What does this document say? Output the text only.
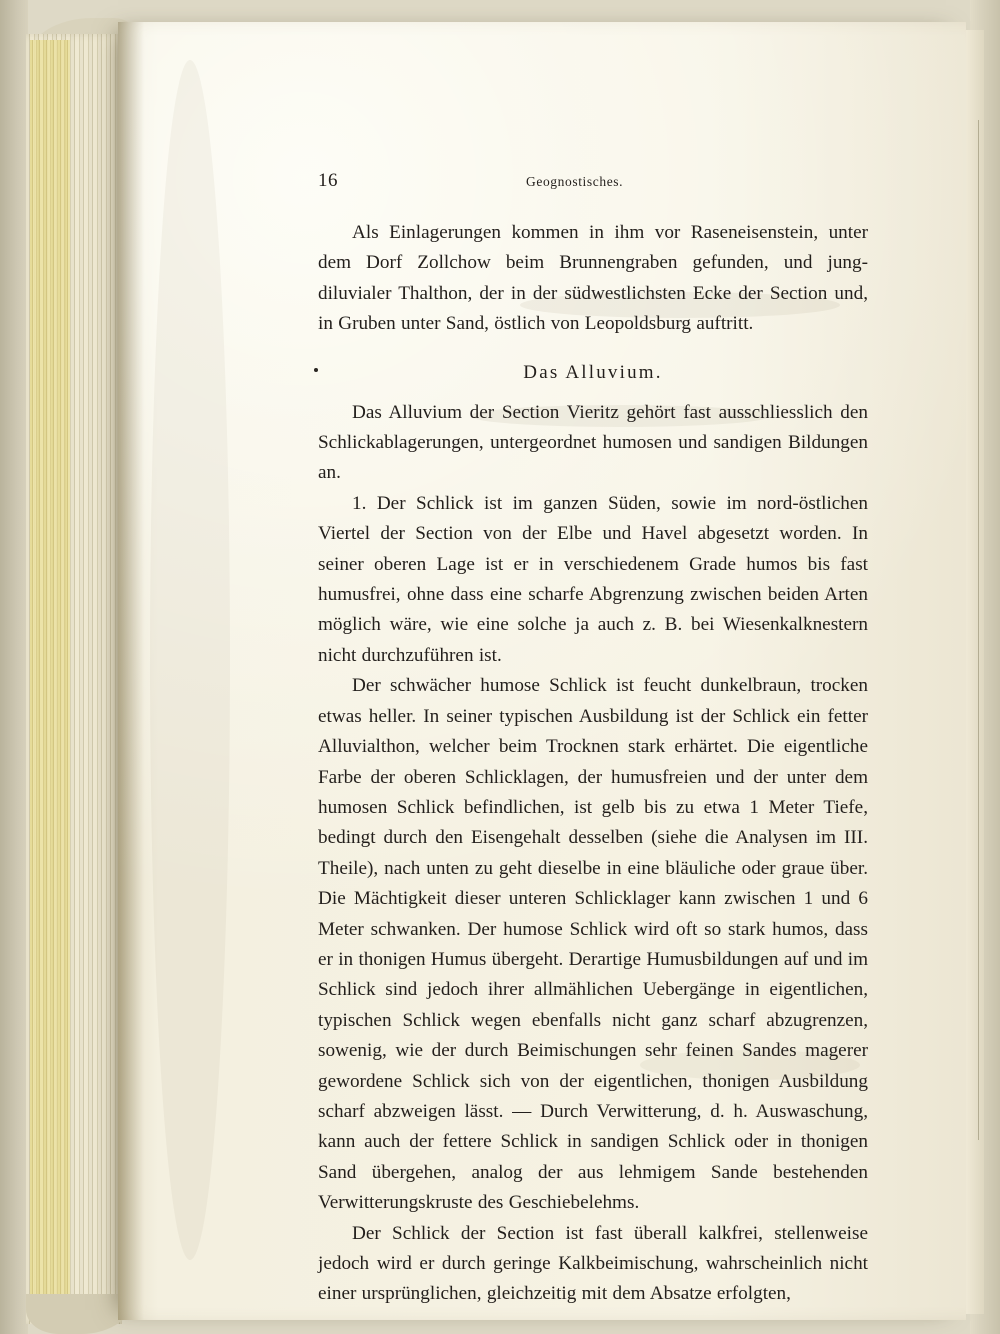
16	Geognostisches.

Als Einlagerungen kommen in ihm vor Raseneisenstein, unter dem Dorf Zollchow beim Brunnengraben gefunden, und jung-diluvialer Thalthon, der in der südwestlichsten Ecke der Section und, in Gruben unter Sand, östlich von Leopoldsburg auftritt.

Das Alluvium.

Das Alluvium der Section Vieritz gehört fast ausschliesslich den Schlickablagerungen, untergeordnet humosen und sandigen Bildungen an.

1. Der Schlick ist im ganzen Süden, sowie im nord-östlichen Viertel der Section von der Elbe und Havel abgesetzt worden. In seiner oberen Lage ist er in verschiedenem Grade humos bis fast humusfrei, ohne dass eine scharfe Abgrenzung zwischen beiden Arten möglich wäre, wie eine solche ja auch z. B. bei Wiesenkalknestern nicht durchzuführen ist.

Der schwächer humose Schlick ist feucht dunkelbraun, trocken etwas heller. In seiner typischen Ausbildung ist der Schlick ein fetter Alluvialthon, welcher beim Trocknen stark erhärtet. Die eigentliche Farbe der oberen Schlicklagen, der humusfreien und der unter dem humosen Schlick befindlichen, ist gelb bis zu etwa 1 Meter Tiefe, bedingt durch den Eisengehalt desselben (siehe die Analysen im III. Theile), nach unten zu geht dieselbe in eine bläuliche oder graue über. Die Mächtigkeit dieser unteren Schlicklager kann zwischen 1 und 6 Meter schwanken. Der humose Schlick wird oft so stark humos, dass er in thonigen Humus übergeht. Derartige Humusbildungen auf und im Schlick sind jedoch ihrer allmählichen Uebergänge in eigentlichen, typischen Schlick wegen ebenfalls nicht ganz scharf abzugrenzen, sowenig, wie der durch Beimischungen sehr feinen Sandes magerer gewordene Schlick sich von der eigentlichen, thonigen Ausbildung scharf abzweigen lässt. — Durch Verwitterung, d. h. Auswaschung, kann auch der fettere Schlick in sandigen Schlick oder in thonigen Sand übergehen, analog der aus lehmigem Sande bestehenden Verwitterungskruste des Geschiebelehms.

Der Schlick der Section ist fast überall kalkfrei, stellenweise jedoch wird er durch geringe Kalkbeimischung, wahrscheinlich nicht einer ursprünglichen, gleichzeitig mit dem Absatze erfolgten,
